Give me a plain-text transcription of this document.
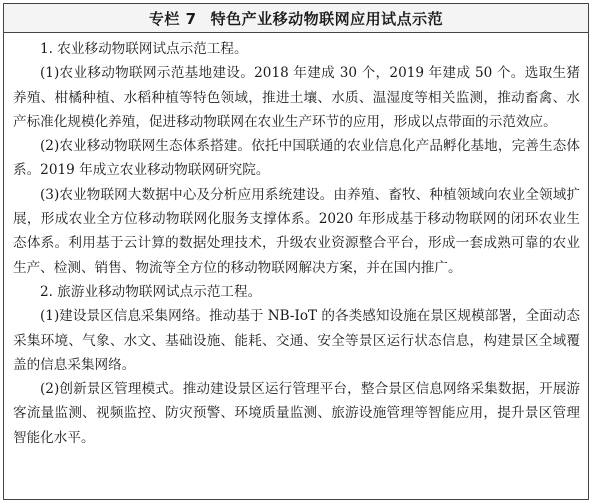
专栏 7 特色产业移动物联网应用试点示范

1. 农业移动物联网试点示范工程。

(1)农业移动物联网示范基地建设。2018 年建成 30 个，2019 年建成 50 个。选取生猪养殖、柑橘种植、水稻种植等特色领域，推进土壤、水质、温湿度等相关监测，推动畜禽、水产标准化规模化养殖，促进移动物联网在农业生产环节的应用，形成以点带面的示范效应。

(2)农业移动物联网生态体系搭建。依托中国联通的农业信息化产品孵化基地，完善生态体系。2019 年成立农业移动物联网研究院。

(3)农业物联网大数据中心及分析应用系统建设。由养殖、畜牧、种植领域向农业全领域扩展，形成农业全方位移动物联网化服务支撑体系。2020 年形成基于移动物联网的闭环农业生态体系。利用基于云计算的数据处理技术，升级农业资源整合平台，形成一套成熟可靠的农业生产、检测、销售、物流等全方位的移动物联网解决方案，并在国内推广。

2. 旅游业移动物联网试点示范工程。

(1)建设景区信息采集网络。推动基于 NB-IoT 的各类感知设施在景区规模部署，全面动态采集环境、气象、水文、基础设施、能耗、交通、安全等景区运行状态信息，构建景区全域覆盖的信息采集网络。

(2)创新景区管理模式。推动建设景区运行管理平台，整合景区信息网络采集数据，开展游客流量监测、视频监控、防灾预警、环境质量监测、旅游设施管理等智能应用，提升景区管理智能化水平。
